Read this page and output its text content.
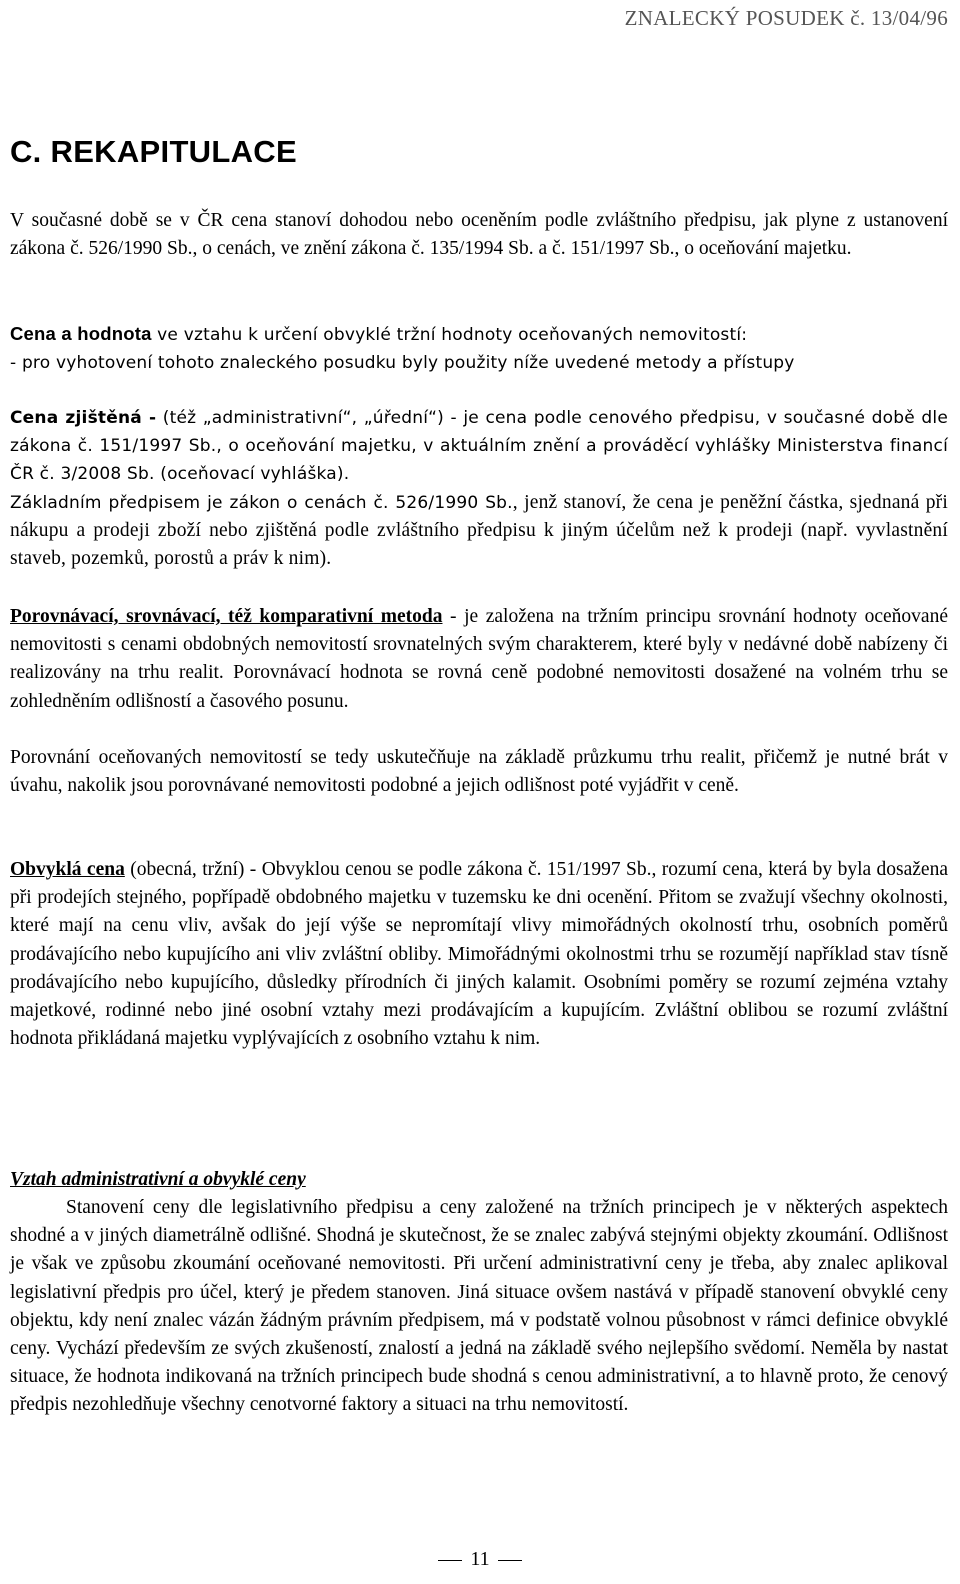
ZNALECKÝ POSUDEK č. 13/04/96
C. REKAPITULACE
V současné době se v ČR cena stanoví dohodou nebo oceněním podle zvláštního předpisu, jak plyne z ustanovení zákona č. 526/1990 Sb., o cenách, ve znění zákona č. 135/1994 Sb. a č. 151/1997 Sb., o oceňování majetku.
Cena a hodnota ve vztahu k určení obvyklé tržní hodnoty oceňovaných nemovitostí:
- pro vyhotovení tohoto znaleckého posudku byly použity níže uvedené metody a přístupy
Cena zjištěná - (též „administrativní“, „úřední“) - je cena podle cenového předpisu, v současné době dle zákona č. 151/1997 Sb., o oceňování majetku, v aktuálním znění a prováděcí vyhlášky Ministerstva financí ČR č. 3/2008 Sb. (oceňovací vyhláška).
Základním předpisem je zákon o cenách č. 526/1990 Sb., jenž stanoví, že cena je peněžní částka, sjednaná při nákupu a prodeji zboží nebo zjištěná podle zvláštního předpisu k jiným účelům než k prodeji (např. vyvlastnění staveb, pozemků, porostů a práv k nim).
Porovnávací, srovnávací, též komparativní metoda - je založena na tržním principu srovnání hodnoty oceňované nemovitosti s cenami obdobných nemovitostí srovnatelných svým charakterem, které byly v nedávné době nabízeny či realizovány na trhu realit. Porovnávací hodnota se rovná ceně podobné nemovitosti dosažené na volném trhu se zohledněním odlišností a časového posunu.
Porovnání oceňovaných nemovitostí se tedy uskutečňuje na základě průzkumu trhu realit, přičemž je nutné brát v úvahu, nakolik jsou porovnávané nemovitosti podobné a jejich odlišnost poté vyjádřit v ceně.
Obvyklá cena (obecná, tržní) - Obvyklou cenou se podle zákona č. 151/1997 Sb., rozumí cena, která by byla dosažena při prodejích stejného, popřípadě obdobného majetku v tuzemsku ke dni ocenění. Přitom se zvažují všechny okolnosti, které mají na cenu vliv, avšak do její výše se nepromítají vlivy mimořádných okolností trhu, osobních poměrů prodávajícího nebo kupujícího ani vliv zvláštní obliby. Mimořádnými okolnostmi trhu se rozumějí například stav tísně prodávajícího nebo kupujícího, důsledky přírodních či jiných kalamit. Osobními poměry se rozumí zejména vztahy majetkové, rodinné nebo jiné osobní vztahy mezi prodávajícím a kupujícím. Zvláštní oblibou se rozumí zvláštní hodnota přikládaná majetku vyplývajících z osobního vztahu k nim.
Vztah administrativní a obvyklé ceny
Stanovení ceny dle legislativního předpisu a ceny založené na tržních principech je v některých aspektech shodné a v jiných diametrálně odlišné. Shodná je skutečnost, že se znalec zabývá stejnými objekty zkoumání. Odlišnost je však ve způsobu zkoumání oceňované nemovitosti. Při určení administrativní ceny je třeba, aby znalec aplikoval legislativní předpis pro účel, který je předem stanoven. Jiná situace ovšem nastává v případě stanovení obvyklé ceny objektu, kdy není znalec vázán žádným právním předpisem, má v podstatě volnou působnost v rámci definice obvyklé ceny. Vychází především ze svých zkušeností, znalostí a jedná na základě svého nejlepšího svědomí. Neměla by nastat situace, že hodnota indikovaná na tržních principech bude shodná s cenou administrativní, a to hlavně proto, že cenový předpis nezohledňuje všechny cenotvorné faktory a situaci na trhu nemovitostí.
11
